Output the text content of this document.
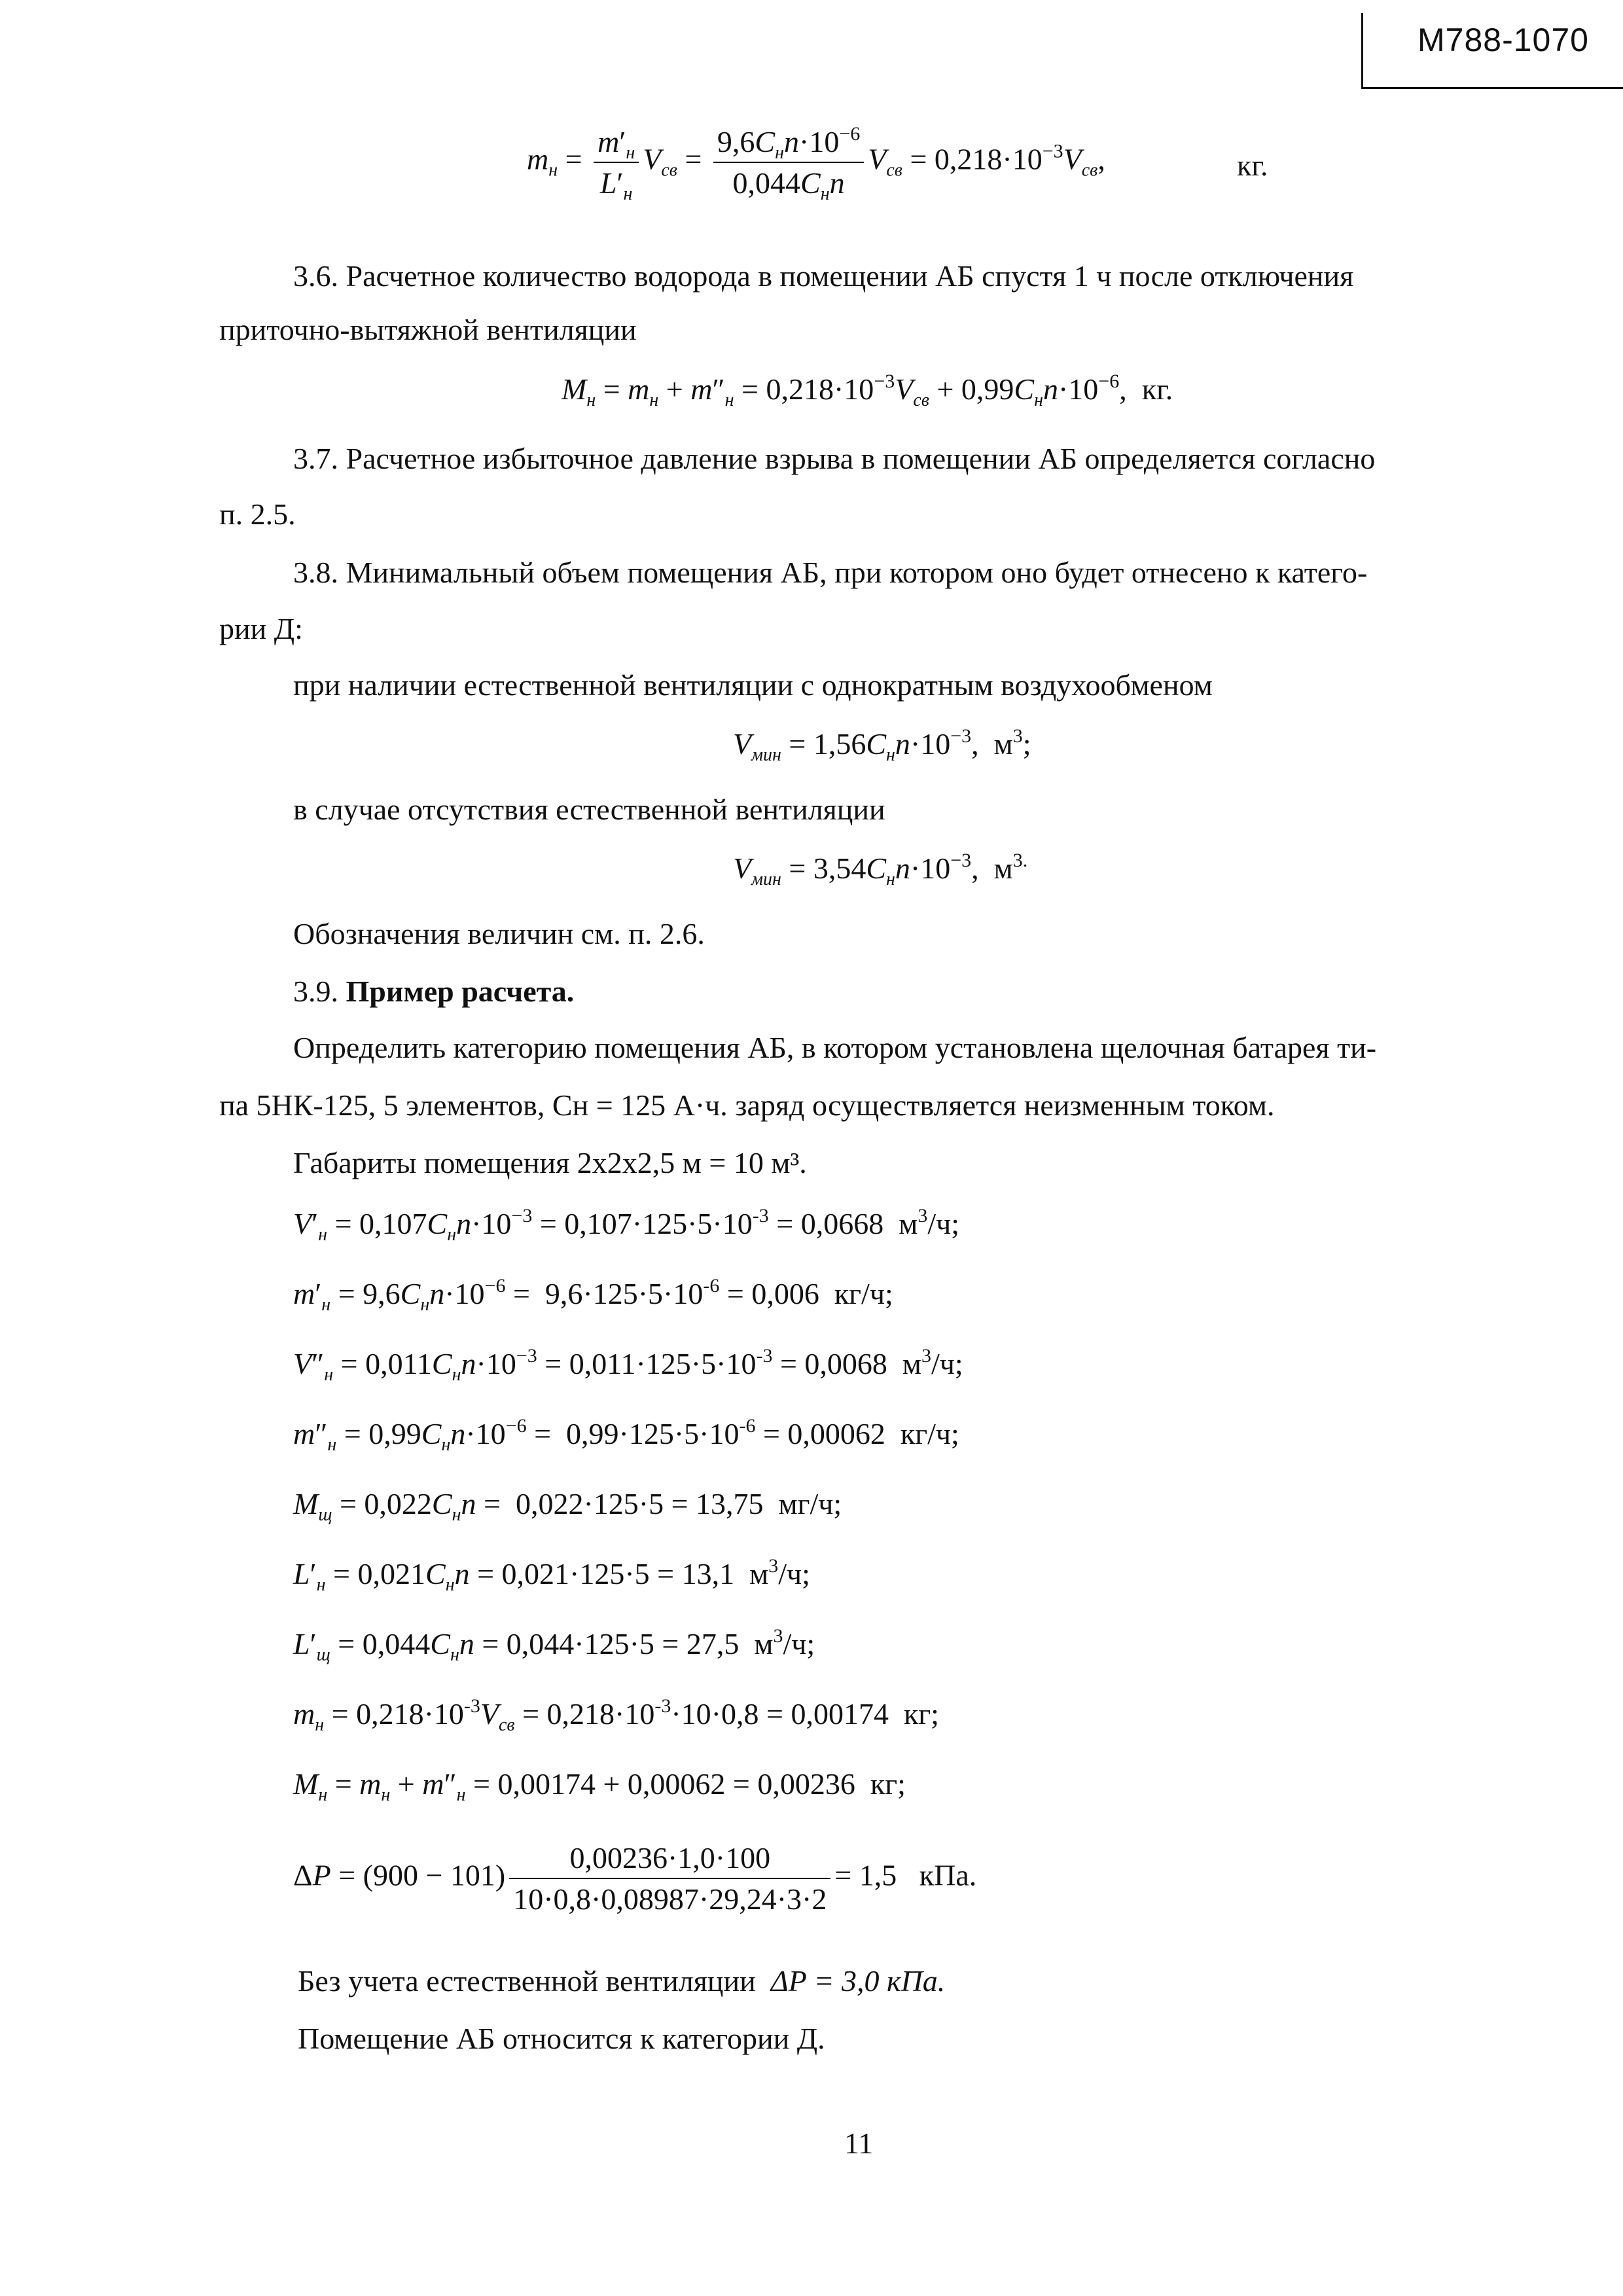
М788-1070
$m_н = \frac{m'_н}{L'_н} V_{св} = \frac{9,6C_нn\cdot 10^{-6}}{0,044C_нn} V_{св} = 0,218\cdot 10^{-3}V_{св}$,	кг.
3.6. Расчетное количество водорода в помещении АБ спустя 1 ч после отключения
приточно-вытяжной вентиляции
$M_н = m_н + m''_н = 0,218\cdot 10^{-3}V_{св} + 0,99C_нn\cdot 10^{-6}$,  кг.
3.7. Расчетное избыточное давление взрыва в помещении АБ определяется согласно
п. 2.5.
3.8. Минимальный объем помещения АБ, при котором оно будет отнесено к катего-
рии Д:
при наличии естественной вентиляции с однократным воздухообменом
$V_{мин} = 1,56C_нn\cdot 10^{-3}$,  $м^3$;
в случае отсутствия естественной вентиляции
$V_{мин} = 3,54C_нn\cdot 10^{-3}$,  $м^{3.}$
Обозначения величин см. п. 2.6.
3.9. Пример расчета.
Определить категорию помещения АБ, в котором установлена щелочная батарея ти-
па 5НК-125, 5 элементов, Сн = 125 А·ч. заряд осуществляется неизменным током.
Габариты помещения 2х2х2,5 м = 10 м³.
$V'_н = 0,107C_нn\cdot 10^{-3} = 0,107\cdot 125\cdot 5\cdot 10^{-3} = 0,0668$  $м^3/ч$;
$m'_н = 9,6C_нn\cdot 10^{-6} = 9,6\cdot 125\cdot 5\cdot 10^{-6} = 0,006$  кг/ч;
$V''_н = 0,011C_нn\cdot 10^{-3} = 0,011\cdot 125\cdot 5\cdot 10^{-3} = 0,0068$  $м^3/ч$;
$m''_н = 0,99C_нn\cdot 10^{-6} = 0,99\cdot 125\cdot 5\cdot 10^{-6} = 0,00062$  кг/ч;
$M_щ = 0,022C_нn = 0,022\cdot 125\cdot 5 = 13,75$  мг/ч;
$L'_н = 0,021C_нn = 0,021\cdot 125\cdot 5 = 13,1$  $м^3/ч$;
$L'_щ = 0,044C_нn = 0,044\cdot 125\cdot 5 = 27,5$  $м^3/ч$;
$m_н = 0,218\cdot 10^{-3}V_{св} = 0,218\cdot 10^{-3}\cdot 10\cdot 0,8 = 0,00174$  кг;
$M_н = m_н + m''_н = 0,00174 + 0,00062 = 0,00236$  кг;
$\Delta P = (900 - 101) \frac{0,00236\cdot 1,0\cdot 100}{10\cdot 0,8\cdot 0,08987\cdot 29,24\cdot 3\cdot 2} = 1,5$   кПа.
Без учета естественной вентиляции ΔP = 3,0 кПа.
Помещение АБ относится к категории Д.
11
